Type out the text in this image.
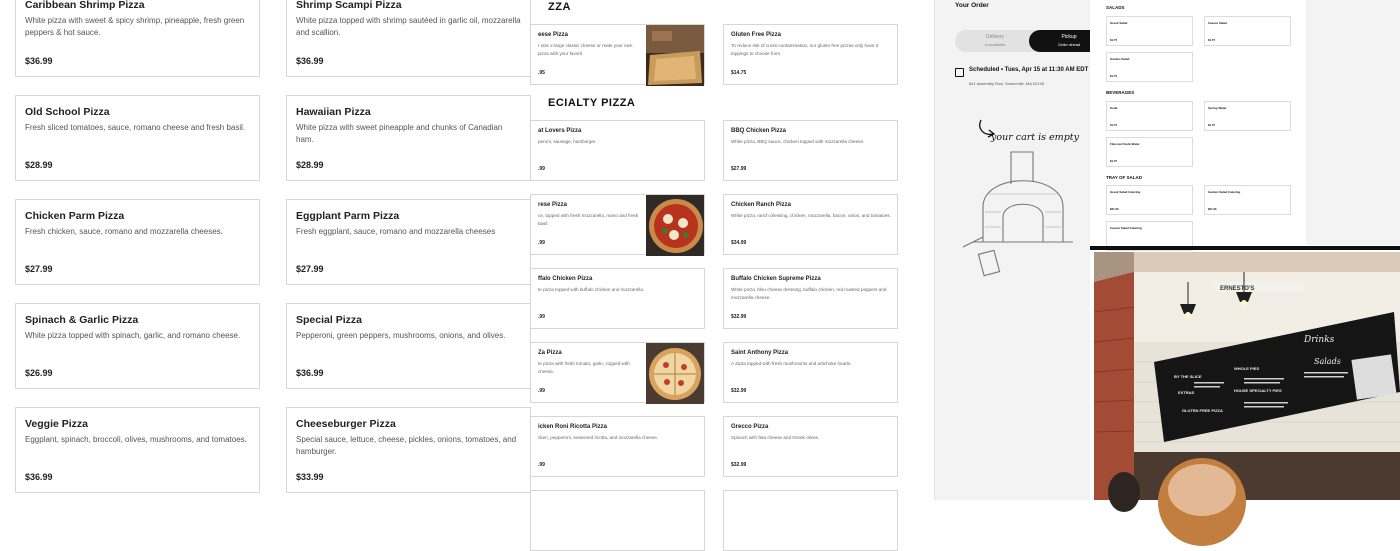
Caribbean Shrimp Pizza
White pizza with sweet & spicy shrimp, pineapple, fresh green peppers & hot sauce.
$36.99
Shrimp Scampi Pizza
White pizza topped with shrimp sautéed in garlic oil, mozzarella and scallion.
$36.99
Old School Pizza
Fresh sliced tomatoes, sauce, romano cheese and fresh basil.
$28.99
Hawaiian Pizza
White pizza with sweet pineapple and chunks of Canadian ham.
$28.99
Chicken Parm Pizza
Fresh chicken, sauce, romano and mozzarella cheeses.
$27.99
Eggplant Parm Pizza
Fresh eggplant, sauce, romano and mozzarella cheeses
$27.99
Spinach & Garlic Pizza
White pizza topped with spinach, garlic, and romano cheese.
$26.99
Special Pizza
Pepperoni, green peppers, mushrooms, onions, and olives.
$36.99
Veggie Pizza
Eggplant, spinach, broccoli, olives, mushrooms, and tomatoes.
$36.99
Cheeseburger Pizza
Special sauce, lettuce, cheese, pickles, onions, tomatoes, and hamburger.
$33.99
ZZA
ECIALTY PIZZA
eese Pizza
r size x-large classic cheese or reate your own pizza with your favorit
.95
at Lovers Pizza
peroni, sausage, hamburger.
.99
rese Pizza
ce, topped with fresh mozzarella, mano and fresh basil.
.99
ffalo Chicken Pizza
te pizza topped with buffalo chicken and mozzarella.
.99
Za Pizza
te pizza with fresh tomato, garlic, topped with cheese.
.99
icken Roni Ricotta Pizza
cken, pepperoni, seasoned ricotta, and mozzarella cheese.
.99
Gluten Free Pizza
To reduce risk of cross-contamination, our gluten free pizzas only have 3 toppings to choose from.
$14.75
BBQ Chicken Pizza
White pizza, BBQ sauce, chicken topped with mozzarella cheese.
$27.99
Chicken Ranch Pizza
White pizza, ranch dressing, chicken, mozzarella, bacon, onion, and tomatoes.
$34.99
Buffalo Chicken Supreme Pizza
White pizza, bleu cheese dressing, buffalo chicken, red roasted peppers and mozzarella cheese.
$32.99
Saint Anthony Pizza
A ZaZa topped with fresh mushrooms and artichoke hearts.
$32.99
Grecco Pizza
Spinach with feta cheese and Greek olives.
$32.99
Your Order
Delivery
Unavailable
Pickup
Order ahead
Scheduled • Tues, Apr 15 at 11:30 AM EDT
841 Assembly Row, Somerville, MA 02145
your cart is empty
SALADS
Greek Salad
$1.75
Caesar Salad
$1.75
Garden Salad
$1.75
BEVERAGES
Soda
$1.75
Spring Water
$1.75
Flavored Soda Water
$1.75
TRAY OF SALAD
Greek Salad Catering
$31.95
Garden Salad Catering
$31.95
Caesar Salad Catering
ERNESTO'S
Drinks
Salads
BY THE SLICE
WHOLE PIES
EXTRAS
GLUTEN FREE PIZZA
HOUSE SPECIALTY PIES
